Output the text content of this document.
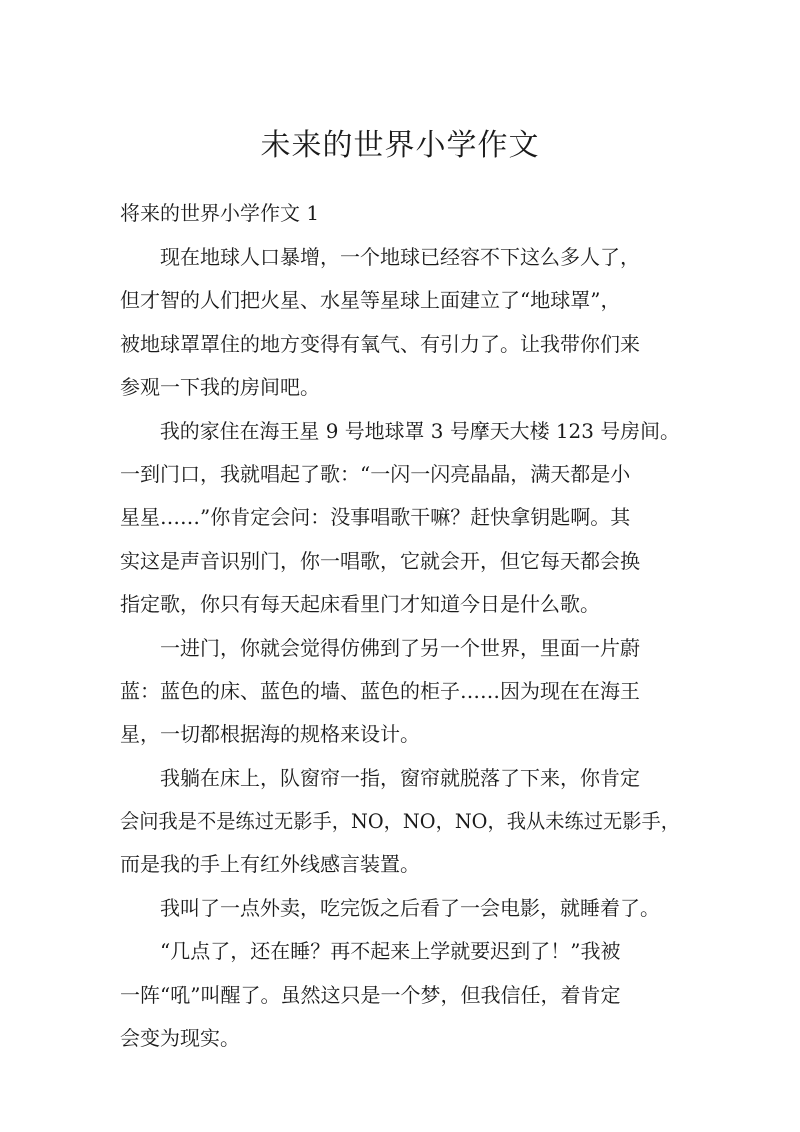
未来的世界小学作文

将来的世界小学作文 1

现在地球人口暴增，一个地球已经容不下这么多人了，
但才智的人们把火星、水星等星球上面建立了“地球罩”，
被地球罩罩住的地方变得有氧气、有引力了。让我带你们来
参观一下我的房间吧。
我的家住在海王星 9 号地球罩 3 号摩天大楼 123 号房间。
一到门口，我就唱起了歌：“一闪一闪亮晶晶，满天都是小
星星……”你肯定会问：没事唱歌干嘛？赶快拿钥匙啊。其
实这是声音识别门，你一唱歌，它就会开，但它每天都会换
指定歌，你只有每天起床看里门才知道今日是什么歌。
一进门，你就会觉得仿佛到了另一个世界，里面一片蔚
蓝：蓝色的床、蓝色的墙、蓝色的柜子……因为现在在海王
星，一切都根据海的规格来设计。
我躺在床上，队窗帘一指，窗帘就脱落了下来，你肯定
会问我是不是练过无影手，NO，NO，NO，我从未练过无影手，
而是我的手上有红外线感言装置。
我叫了一点外卖，吃完饭之后看了一会电影，就睡着了。
“几点了，还在睡？再不起来上学就要迟到了！”我被
一阵“吼”叫醒了。虽然这只是一个梦，但我信任，着肯定
会变为现实。
